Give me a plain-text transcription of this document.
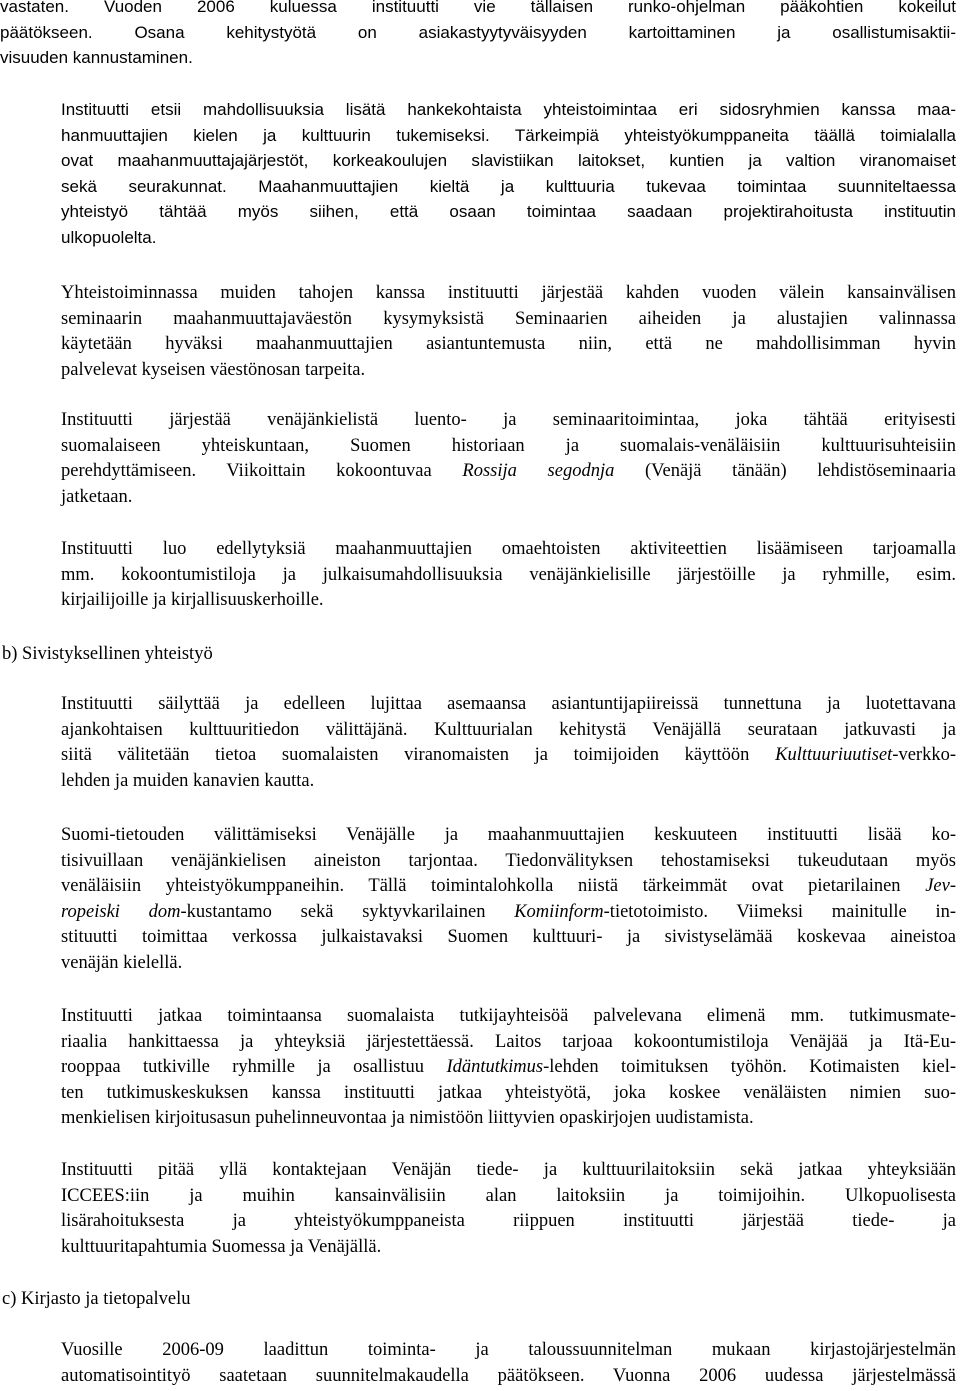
vastaten. Vuoden 2006 kuluessa instituutti vie tällaisen runko-ohjelman pääkohtien kokeilut
päätökseen. Osana kehitystyötä on asiakastyytyväisyyden kartoittaminen ja osallistumisaktii-
visuuden kannustaminen.
Instituutti etsii mahdollisuuksia lisätä hankekohtaista yhteistoimintaa eri sidosryhmien kanssa maa-
hanmuuttajien kielen ja kulttuurin tukemiseksi. Tärkeimpiä yhteistyökumppaneita täällä toimialalla
ovat maahanmuuttajajärjestöt, korkeakoulujen slavistiikan laitokset, kuntien ja valtion viranomaiset
sekä seurakunnat. Maahanmuuttajien kieltä ja kulttuuria tukevaa toimintaa suunniteltaessa
yhteistyö tähtää myös siihen, että osaan toimintaa saadaan projektirahoitusta instituutin
ulkopuolelta.
Yhteistoiminnassa muiden tahojen kanssa instituutti järjestää kahden vuoden välein kansainvälisen
seminaarin maahanmuuttajaväestön kysymyksistä Seminaarien aiheiden ja alustajien valinnassa
käytetään hyväksi maahanmuuttajien asiantuntemusta niin, että ne mahdollisimman hyvin
palvelevat kyseisen väestönosan tarpeita.
Instituutti järjestää venäjänkielistä luento- ja seminaaritoimintaa, joka tähtää erityisesti
suomalaiseen yhteiskuntaan, Suomen historiaan ja suomalais-venäläisiin kulttuurisuhteisiin
perehdyttämiseen. Viikoittain kokoontuvaa Rossija segodnja (Venäjä tänään) lehdistöseminaaria
jatketaan.
Instituutti luo edellytyksiä maahanmuuttajien omaehtoisten aktiviteettien lisäämiseen tarjoamalla
mm. kokoontumistiloja ja julkaisumahdollisuuksia venäjänkielisille järjestöille ja ryhmille, esim.
kirjailijoille ja kirjallisuuskerhoille.
b) Sivistyksellinen yhteistyö
Instituutti säilyttää ja edelleen lujittaa asemaansa asiantuntijapiireissä tunnettuna ja luotettavana
ajankohtaisen kulttuuritiedon välittäjänä. Kulttuurialan kehitystä Venäjällä seurataan jatkuvasti ja
siitä välitetään tietoa suomalaisten viranomaisten ja toimijoiden käyttöön Kulttuuriuutiset-verkko-
lehden ja muiden kanavien kautta.
Suomi-tietouden välittämiseksi Venäjälle ja maahanmuuttajien keskuuteen instituutti lisää ko-
tisivuillaan venäjänkielisen aineiston tarjontaa. Tiedonvälityksen tehostamiseksi tukeudutaan myös
venäläisiin yhteistyökumppaneihin. Tällä toimintalohkolla niistä tärkeimmät ovat pietarilainen Jev-
ropeiski dom-kustantamo sekä syktyvkarilainen Komiinform-tietotoimisto. Viimeksi mainitulle in-
stituutti toimittaa verkossa julkaistavaksi Suomen kulttuuri- ja sivistyselämää koskevaa aineistoa
venäjän kielellä.
Instituutti jatkaa toimintaansa suomalaista tutkijayhteisöä palvelevana elimenä mm. tutkimusmate-
riaalia hankittaessa ja yhteyksiä järjestettäessä. Laitos tarjoaa kokoontumistiloja Venäjää ja Itä-Eu-
rooppaa tutkiville ryhmille ja osallistuu Idäntutkimus-lehden toimituksen työhön. Kotimaisten kiel-
ten tutkimuskeskuksen kanssa instituutti jatkaa yhteistyötä, joka koskee venäläisten nimien suo-
menkielisen kirjoitusasun puhelinneuvontaa ja nimistöön liittyvien opaskirjojen uudistamista.
Instituutti pitää yllä kontaktejaan Venäjän tiede- ja kulttuurilaitoksiin sekä jatkaa yhteyksiään
ICCEES:iin ja muihin kansainvälisiin alan laitoksiin ja toimijoihin. Ulkopuolisesta
lisärahoituksesta ja yhteistyökumppaneista riippuen instituutti järjestää tiede- ja
kulttuuritapahtumia Suomessa ja Venäjällä.
c) Kirjasto ja tietopalvelu
Vuosille 2006-09 laadittun toiminta- ja taloussuunnitelman mukaan kirjastojärjestelmän
automatisointityö saatetaan suunnitelmakaudella päätökseen. Vuonna 2006 uudessa järjestelmässä
